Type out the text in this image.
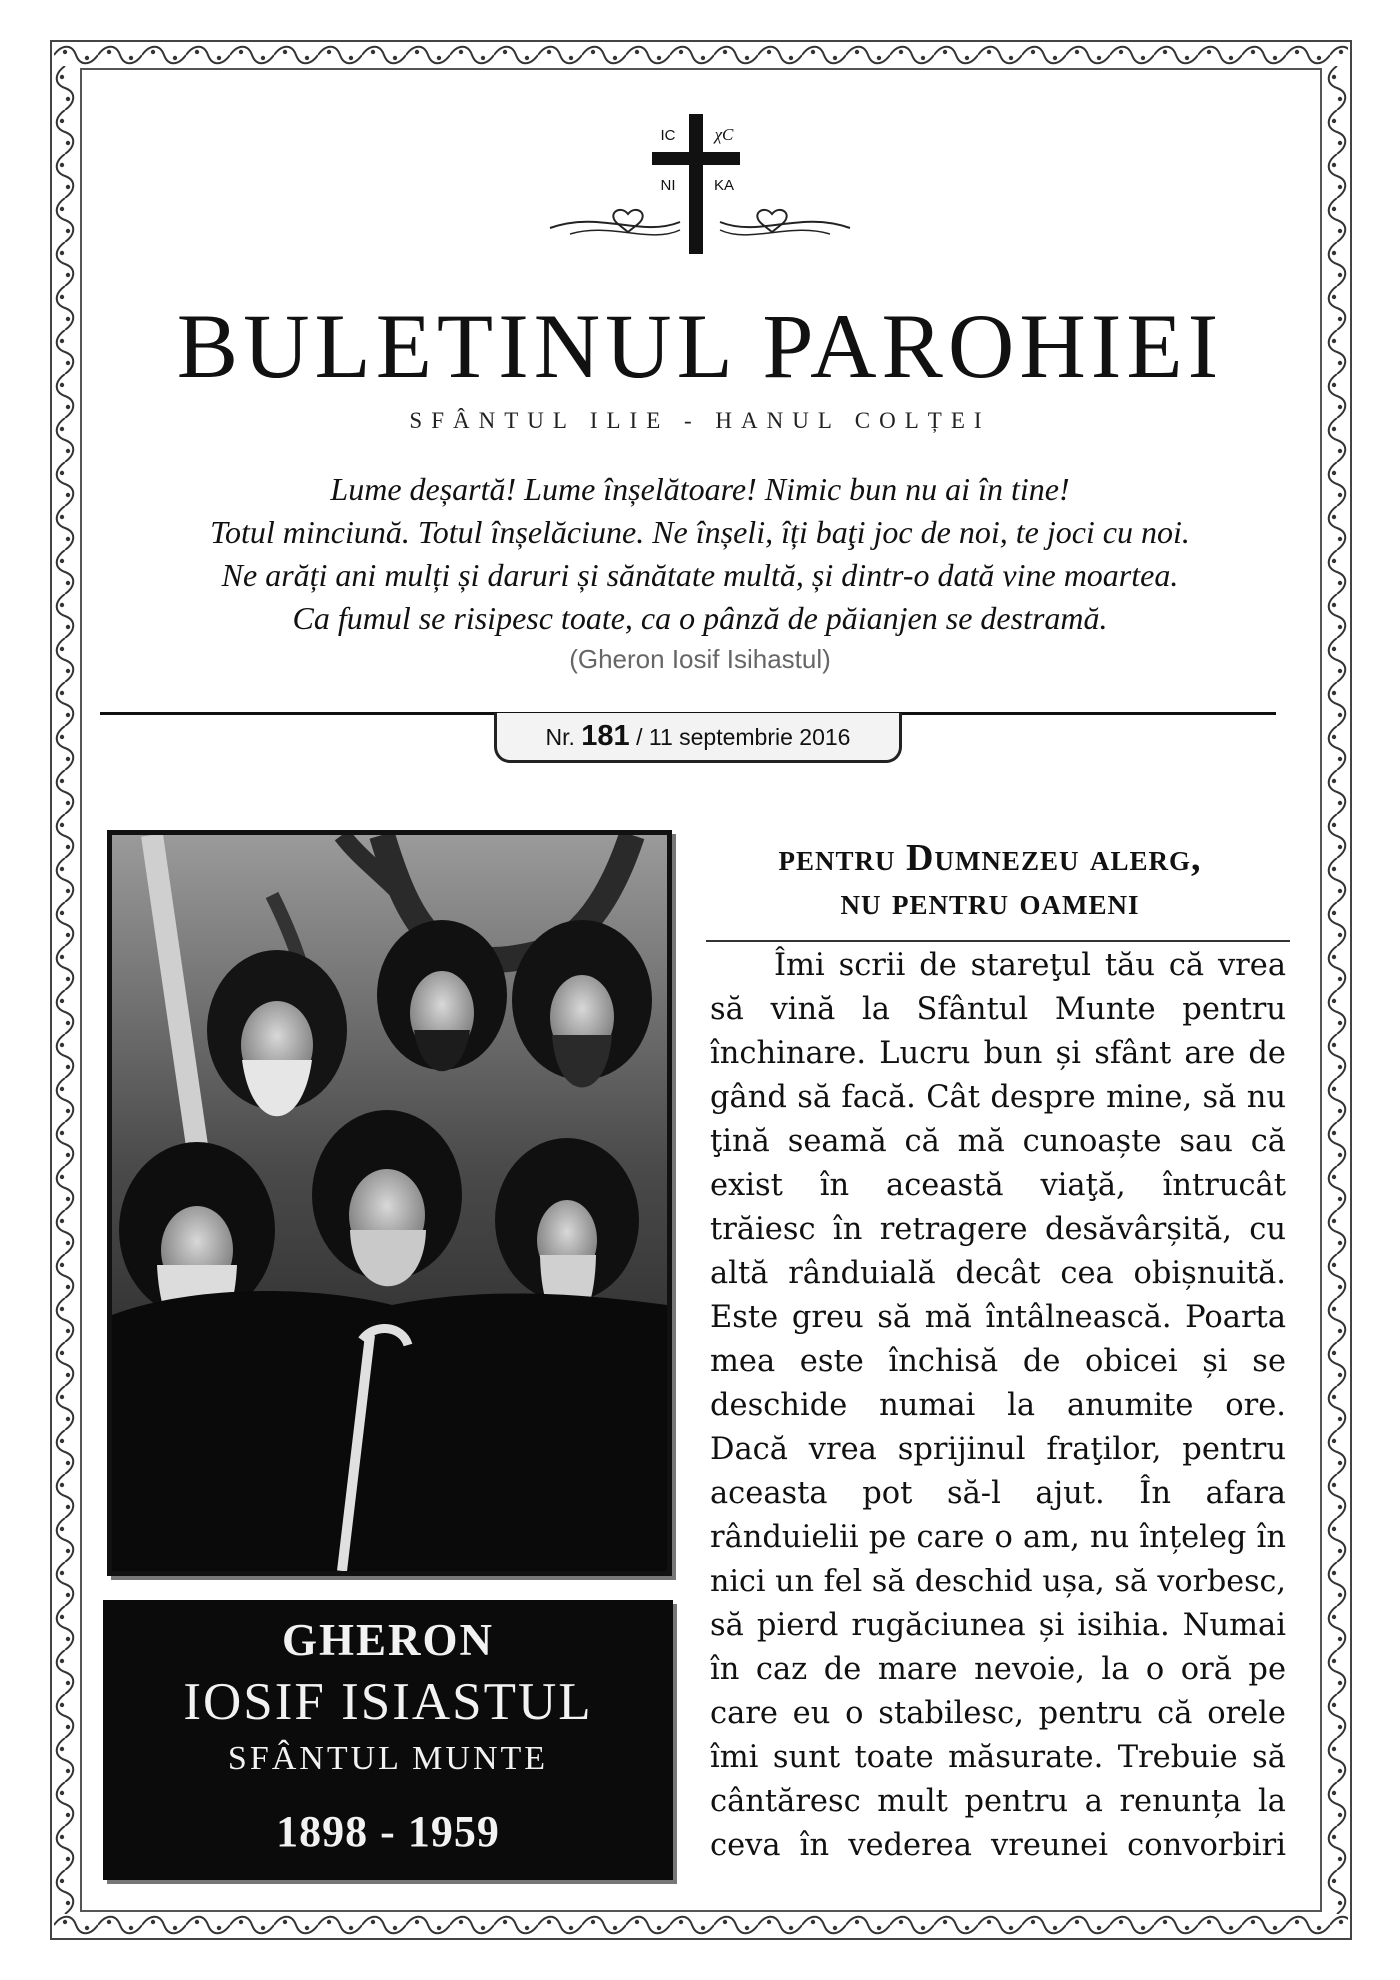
IC χC
NI	KA
BULETINUL PAROHIEI
SFÂNTUL ILIE - HANUL COLȚEI
Lume deșartă! Lume înșelătoare! Nimic bun nu ai în tine!
Totul minciună. Totul înșelăciune. Ne înșeli, îți baţi joc de noi, te joci cu noi.
Ne arăți ani mulți și daruri și sănătate multă, și dintr-o dată vine moartea.
Ca fumul se risipesc toate, ca o pânză de păianjen se destramă.
(Gheron Iosif Isihastul)
Nr. 181 / 11 septembrie 2016
GHERON
IOSIF ISIASTUL
SFÂNTUL MUNTE
1898 - 1959
pentru Dumnezeu alerg,
nu pentru oameni
Îmi scrii de stareţul tău că vrea
să vină la Sfântul Munte pentru
închinare. Lucru bun și sfânt are de
gând să facă. Cât despre mine, să nu
ţină seamă că mă cunoaște sau că
exist în această viaţă, întrucât
trăiesc în retragere desăvârșită, cu
altă rânduială decât cea obișnuită.
Este greu să mă întâlnească. Poarta
mea este închisă de obicei și se
deschide numai la anumite ore.
Dacă vrea sprijinul fraţilor, pentru
aceasta pot să-l ajut. În afara
rânduielii pe care o am, nu înțeleg în
nici un fel să deschid ușa, să vorbesc,
să pierd rugăciunea și isihia. Numai
în caz de mare nevoie, la o oră pe
care eu o stabilesc, pentru că orele
îmi sunt toate măsurate. Trebuie să
cântăresc mult pentru a renunța la
ceva în vederea vreunei convorbiri
